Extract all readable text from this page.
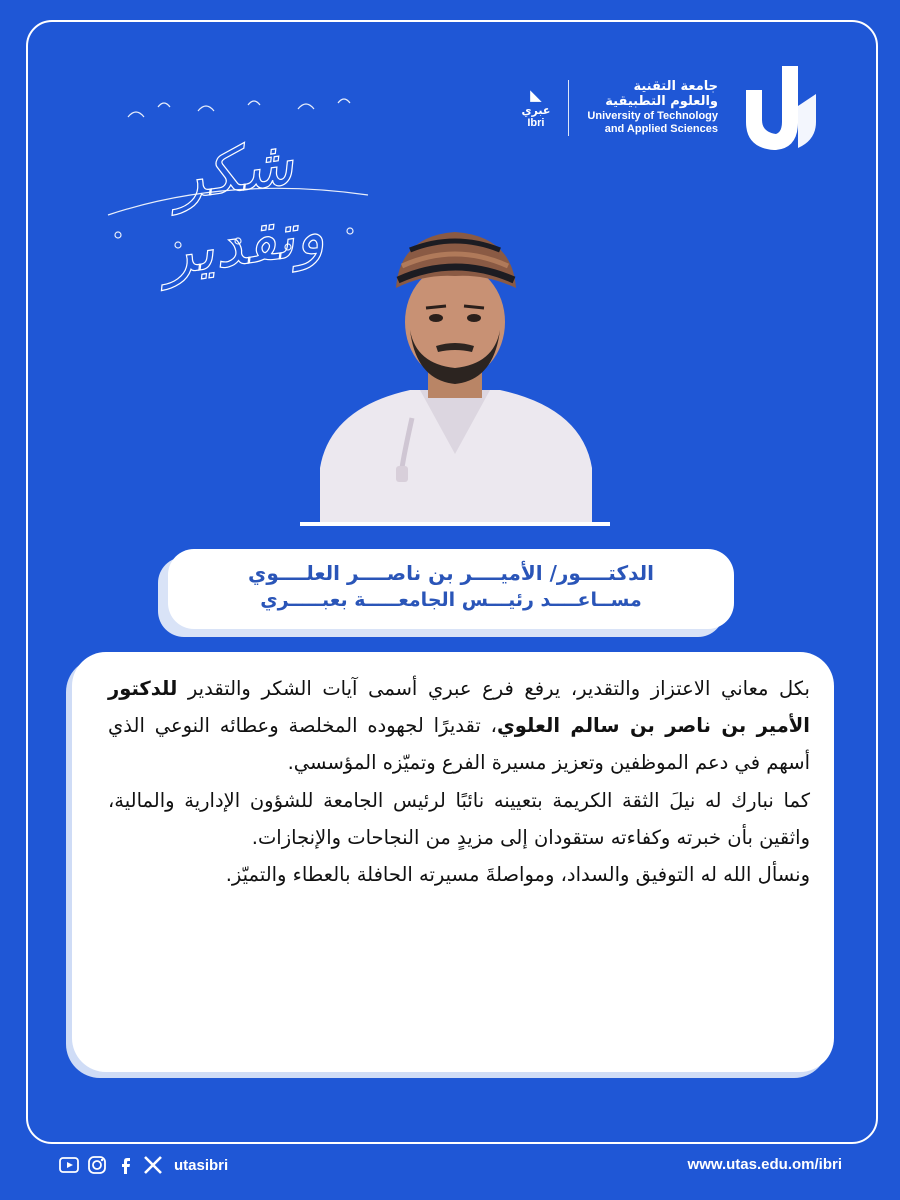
◣
عبري
Ibri
جامعة التقنية
والعلوم التطبيقية
University of Technology
and Applied Sciences
شكر وتقدير
الدكتــــور/ الأميــــر بن ناصــــر العلــــوي
مســاعــــد رئيـــس الجامعـــــة بعبـــــري

بكل معاني الاعتزاز والتقدير، يرفع فرع عبري أسمى آيات الشكر والتقدير للدكتور الأمير بن ناصر بن سالم العلوي، تقديرًا لجهوده المخلصة وعطائه النوعي الذي أسهم في دعم الموظفين وتعزيز مسيرة الفرع وتميّزه المؤسسي.

كما نبارك له نيلَ الثقة الكريمة بتعيينه نائبًا لرئيس الجامعة للشؤون الإدارية والمالية، واثقين بأن خبرته وكفاءته ستقودان إلى مزيدٍ من النجاحات والإنجازات.

ونسأل الله له التوفيق والسداد، ومواصلةَ مسيرته الحافلة بالعطاء والتميّز.

utasibri	www.utas.edu.om/ibri
